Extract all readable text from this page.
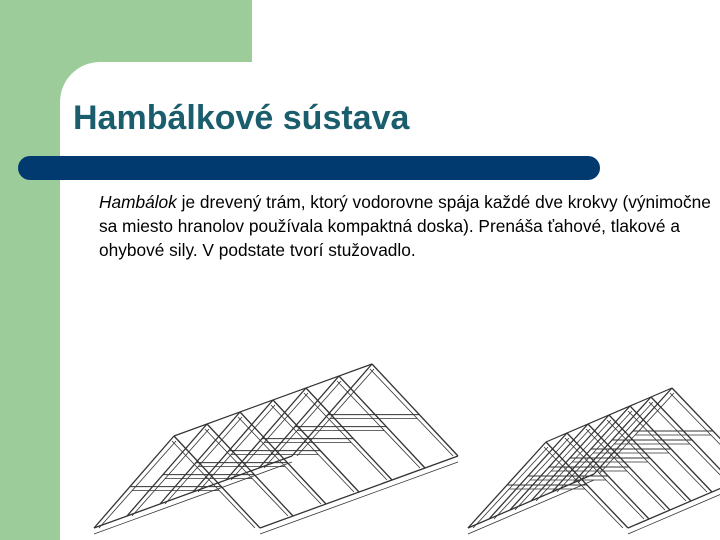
Hambálkové sústava
Hambálok je drevený trám, ktorý vodorovne spája každé dve krokvy (výnimočne sa miesto hranolov používala kompaktná doska). Prenáša ťahové, tlakové a ohybové sily. V podstate tvorí stužovadlo.
